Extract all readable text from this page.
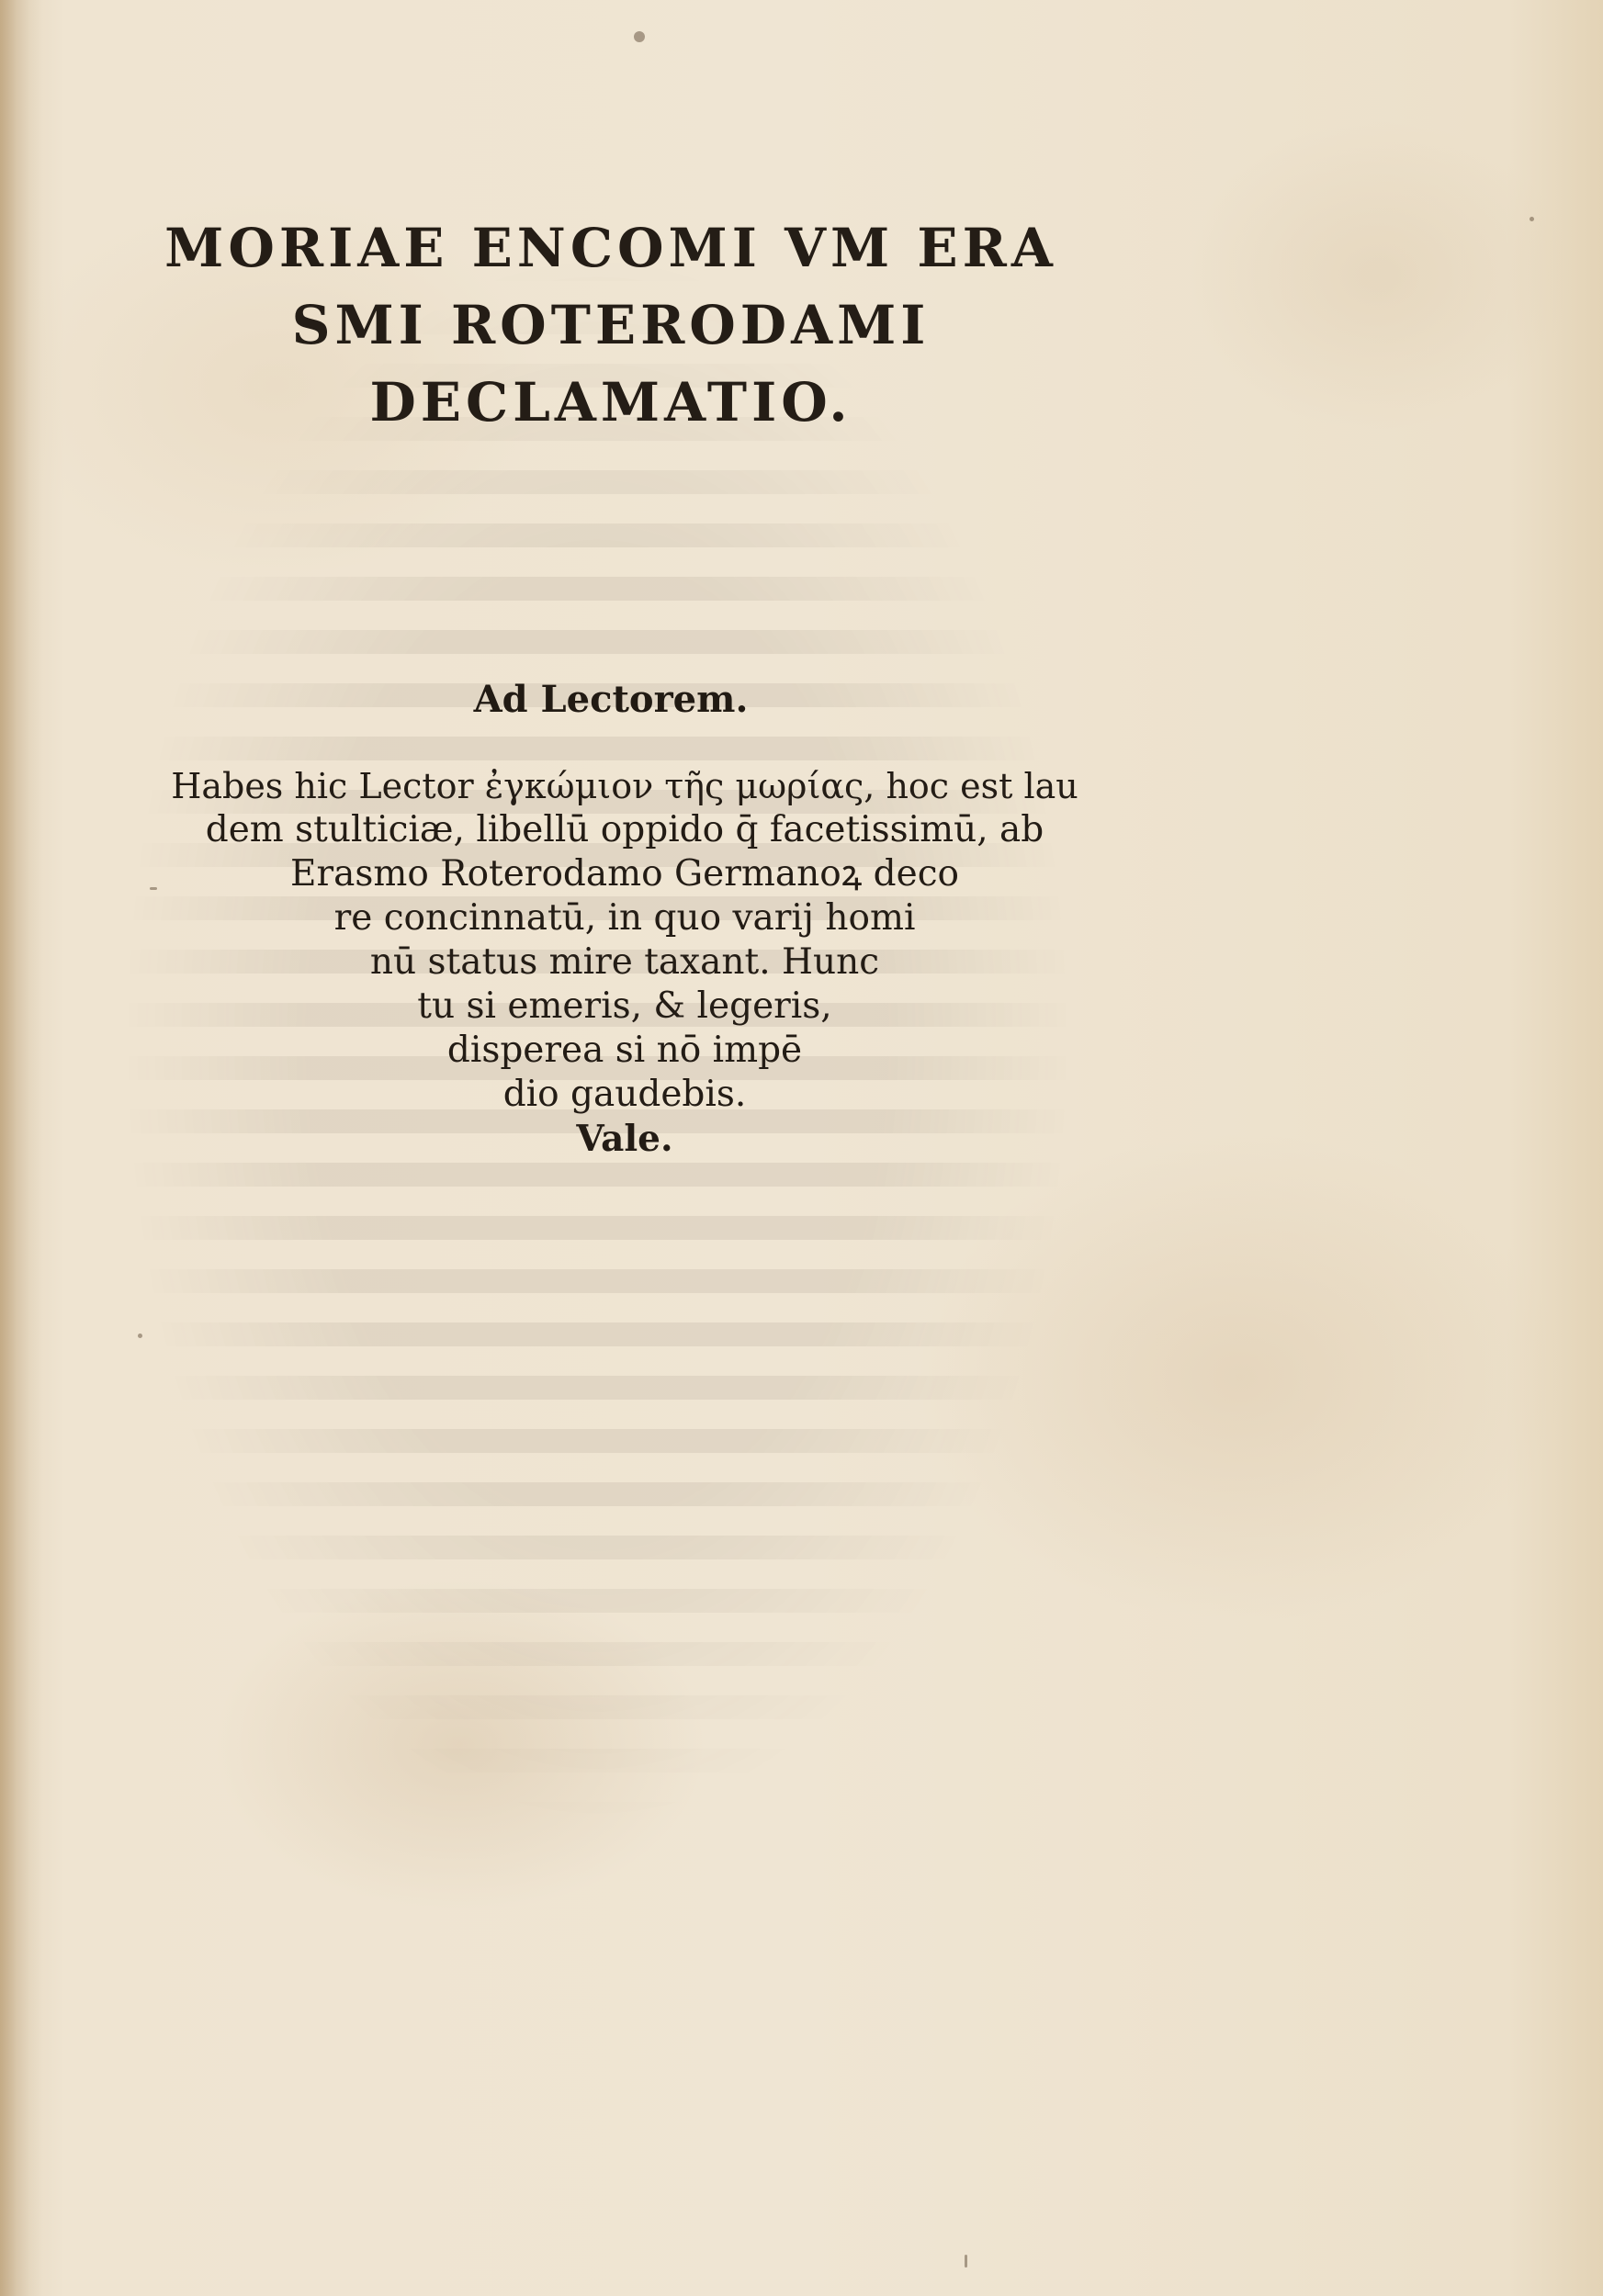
MORIAE ENCOMI VM ERA
SMI ROTERODAMI
DECLAMATIO.
Ad Lectorem.
Habes hic Lector ἐγκώμιον τῆς μωρίας, hoc est lau
dem stulticiæ, libellū oppido q̄ facetissimū, ab
Erasmo Roterodamo Germanoꝝ deco
re concinnatū, in quo varij homi
nū status mire taxant. Hunc
tu si emeris, & legeris,
disperea si nō impē
dio gaudebis.
Vale.
